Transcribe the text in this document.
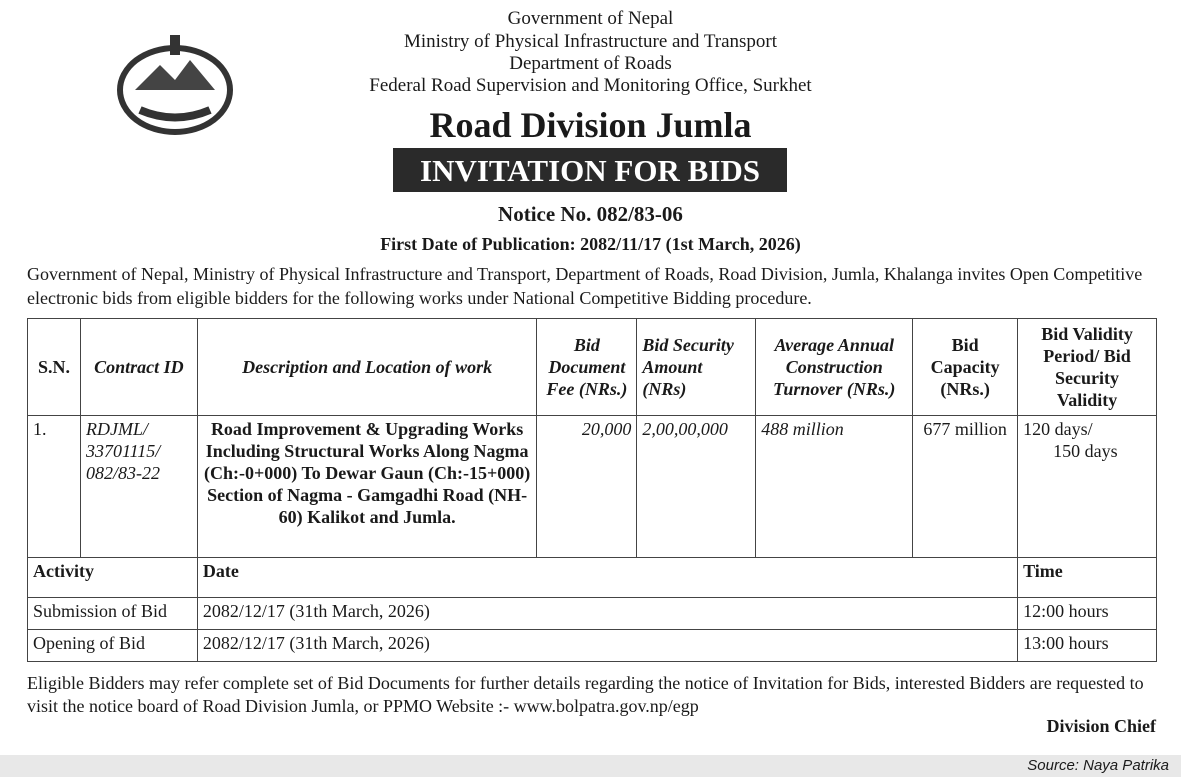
Government of Nepal
Ministry of Physical Infrastructure and Transport
Department of Roads
Federal Road Supervision and Monitoring Office, Surkhet
Road Division Jumla
INVITATION FOR BIDS
Notice No. 082/83-06
First Date of Publication: 2082/11/17 (1st March, 2026)
Government of Nepal, Ministry of Physical Infrastructure and Transport, Department of Roads, Road Division, Jumla, Khalanga invites Open Competitive electronic bids from eligible bidders for the following works under National Competitive Bidding procedure.
S.N.	Contract ID	Description and Location of work	Bid Document Fee (NRs.)	Bid Security Amount (NRs)	Average Annual Construction Turnover (NRs.)	Bid Capacity (NRs.)	Bid Validity Period/ Bid Security Validity
1.	RDJML/ 33701115/ 082/83-22	Road Improvement & Upgrading Works Including Structural Works Along Nagma (Ch:-0+000) To Dewar Gaun (Ch:-15+000) Section of Nagma - Gamgadhi Road (NH-60) Kalikot and Jumla.	20,000	2,00,00,000	488 million	677 million	120 days/
150 days

Activity		Date					Time
Submission of Bid		2082/12/17 (31th March, 2026)					12:00 hours
Opening of Bid		2082/12/17 (31th March, 2026)					13:00 hours
Eligible Bidders may refer complete set of Bid Documents for further details regarding the notice of Invitation for Bids, interested Bidders are requested to visit the notice board of Road Division Jumla, or PPMO Website :- www.bolpatra.gov.np/egp
Division Chief
Source: Naya Patrika
